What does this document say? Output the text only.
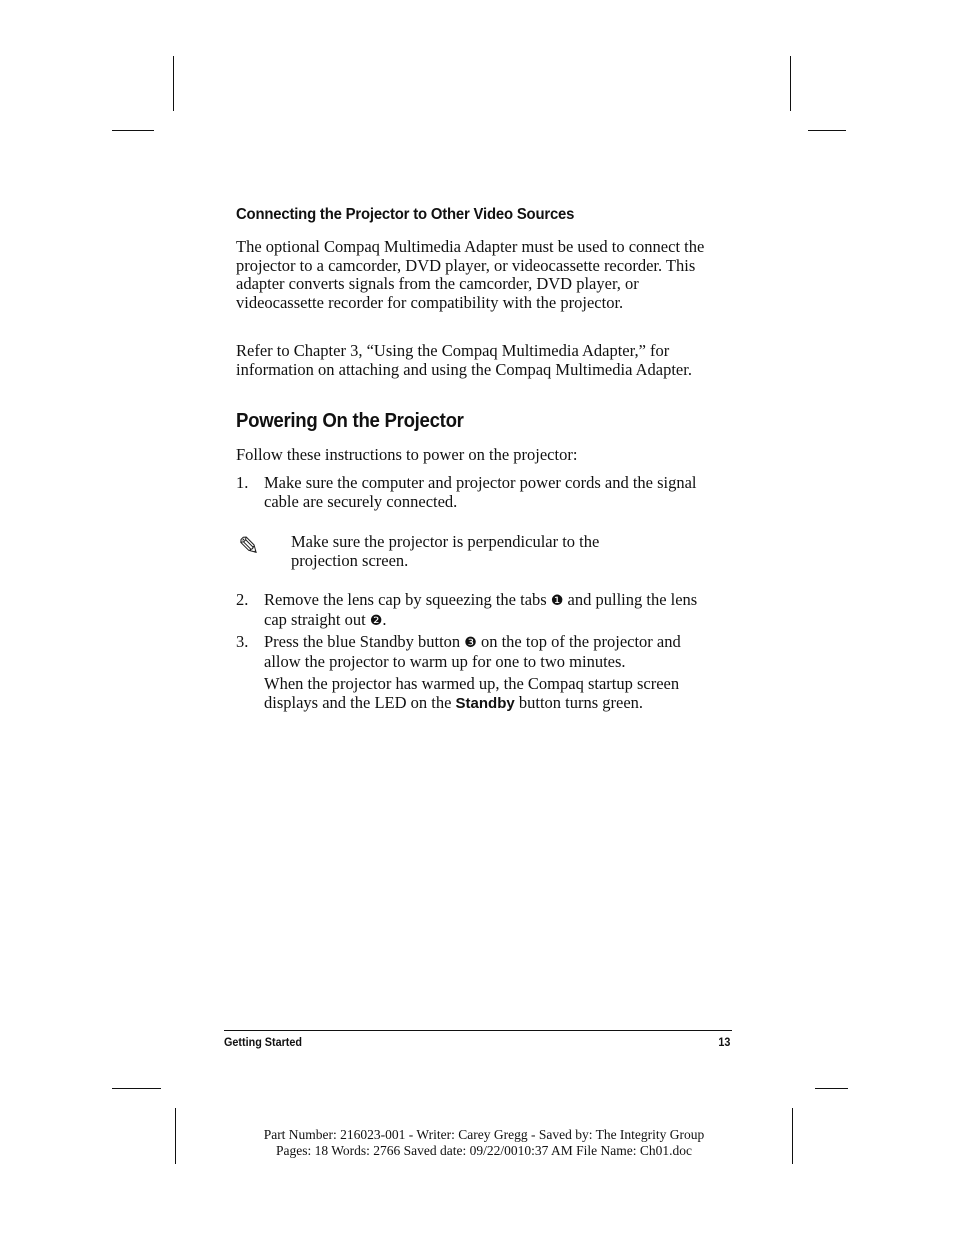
Connecting the Projector to Other Video Sources
The optional Compaq Multimedia Adapter must be used to connect the projector to a camcorder, DVD player, or videocassette recorder. This adapter converts signals from the camcorder, DVD player, or videocassette recorder for compatibility with the projector.
Refer to Chapter 3, “Using the Compaq Multimedia Adapter,” for information on attaching and using the Compaq Multimedia Adapter.
Powering On the Projector
Follow these instructions to power on the projector:
1. Make sure the computer and projector power cords and the signal cable are securely connected.
✎ Make sure the projector is perpendicular to the projection screen.
2. Remove the lens cap by squeezing the tabs ❶ and pulling the lens cap straight out ❷.
3. Press the blue Standby button ❸ on the top of the projector and allow the projector to warm up for one to two minutes.
When the projector has warmed up, the Compaq startup screen displays and the LED on the Standby button turns green.
Getting Started	13
Part Number: 216023-001 - Writer: Carey Gregg - Saved by: The Integrity Group
Pages: 18 Words: 2766 Saved date: 09/22/0010:37 AM File Name: Ch01.doc
